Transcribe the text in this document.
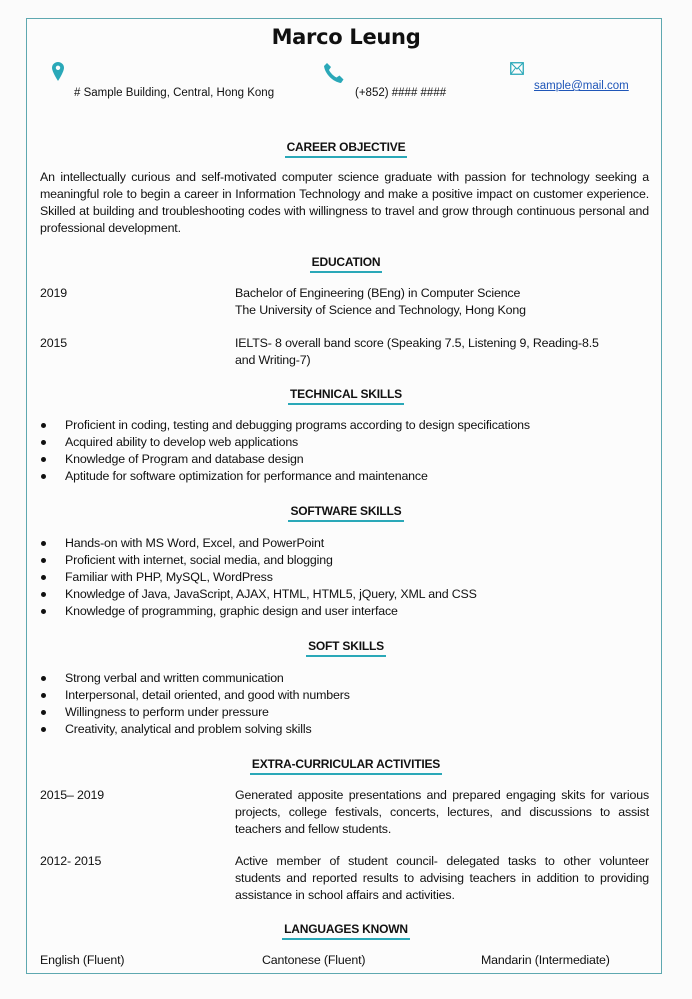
Marco Leung
# Sample Building, Central, Hong Kong	(+852) #### ####
sample@mail.com
CAREER OBJECTIVE
An intellectually curious and self-motivated computer science graduate with passion for technology seeking a meaningful role to begin a career in Information Technology and make a positive impact on customer experience. Skilled at building and troubleshooting codes with willingness to travel and grow through continuous personal and professional development.
EDUCATION
2019	Bachelor of Engineering (BEng) in Computer Science
The University of Science and Technology, Hong Kong
2015	IELTS- 8 overall band score (Speaking 7.5, Listening 9, Reading-8.5
and Writing-7)
TECHNICAL SKILLS
Proficient in coding, testing and debugging programs according to design specifications
Acquired ability to develop web applications
Knowledge of Program and database design
Aptitude for software optimization for performance and maintenance
SOFTWARE SKILLS
Hands-on with MS Word, Excel, and PowerPoint
Proficient with internet, social media, and blogging
Familiar with PHP, MySQL, WordPress
Knowledge of Java, JavaScript, AJAX, HTML, HTML5, jQuery, XML and CSS
Knowledge of programming, graphic design and user interface
SOFT SKILLS
Strong verbal and written communication
Interpersonal, detail oriented, and good with numbers
Willingness to perform under pressure
Creativity, analytical and problem solving skills
EXTRA-CURRICULAR ACTIVITIES
2015– 2019	Generated apposite presentations and prepared engaging skits for various projects, college festivals, concerts, lectures, and discussions to assist teachers and fellow students.
2012- 2015	Active member of student council- delegated tasks to other volunteer students and reported results to advising teachers in addition to providing assistance in school affairs and activities.
LANGUAGES KNOWN
English (Fluent)	Cantonese (Fluent)	Mandarin (Intermediate)
